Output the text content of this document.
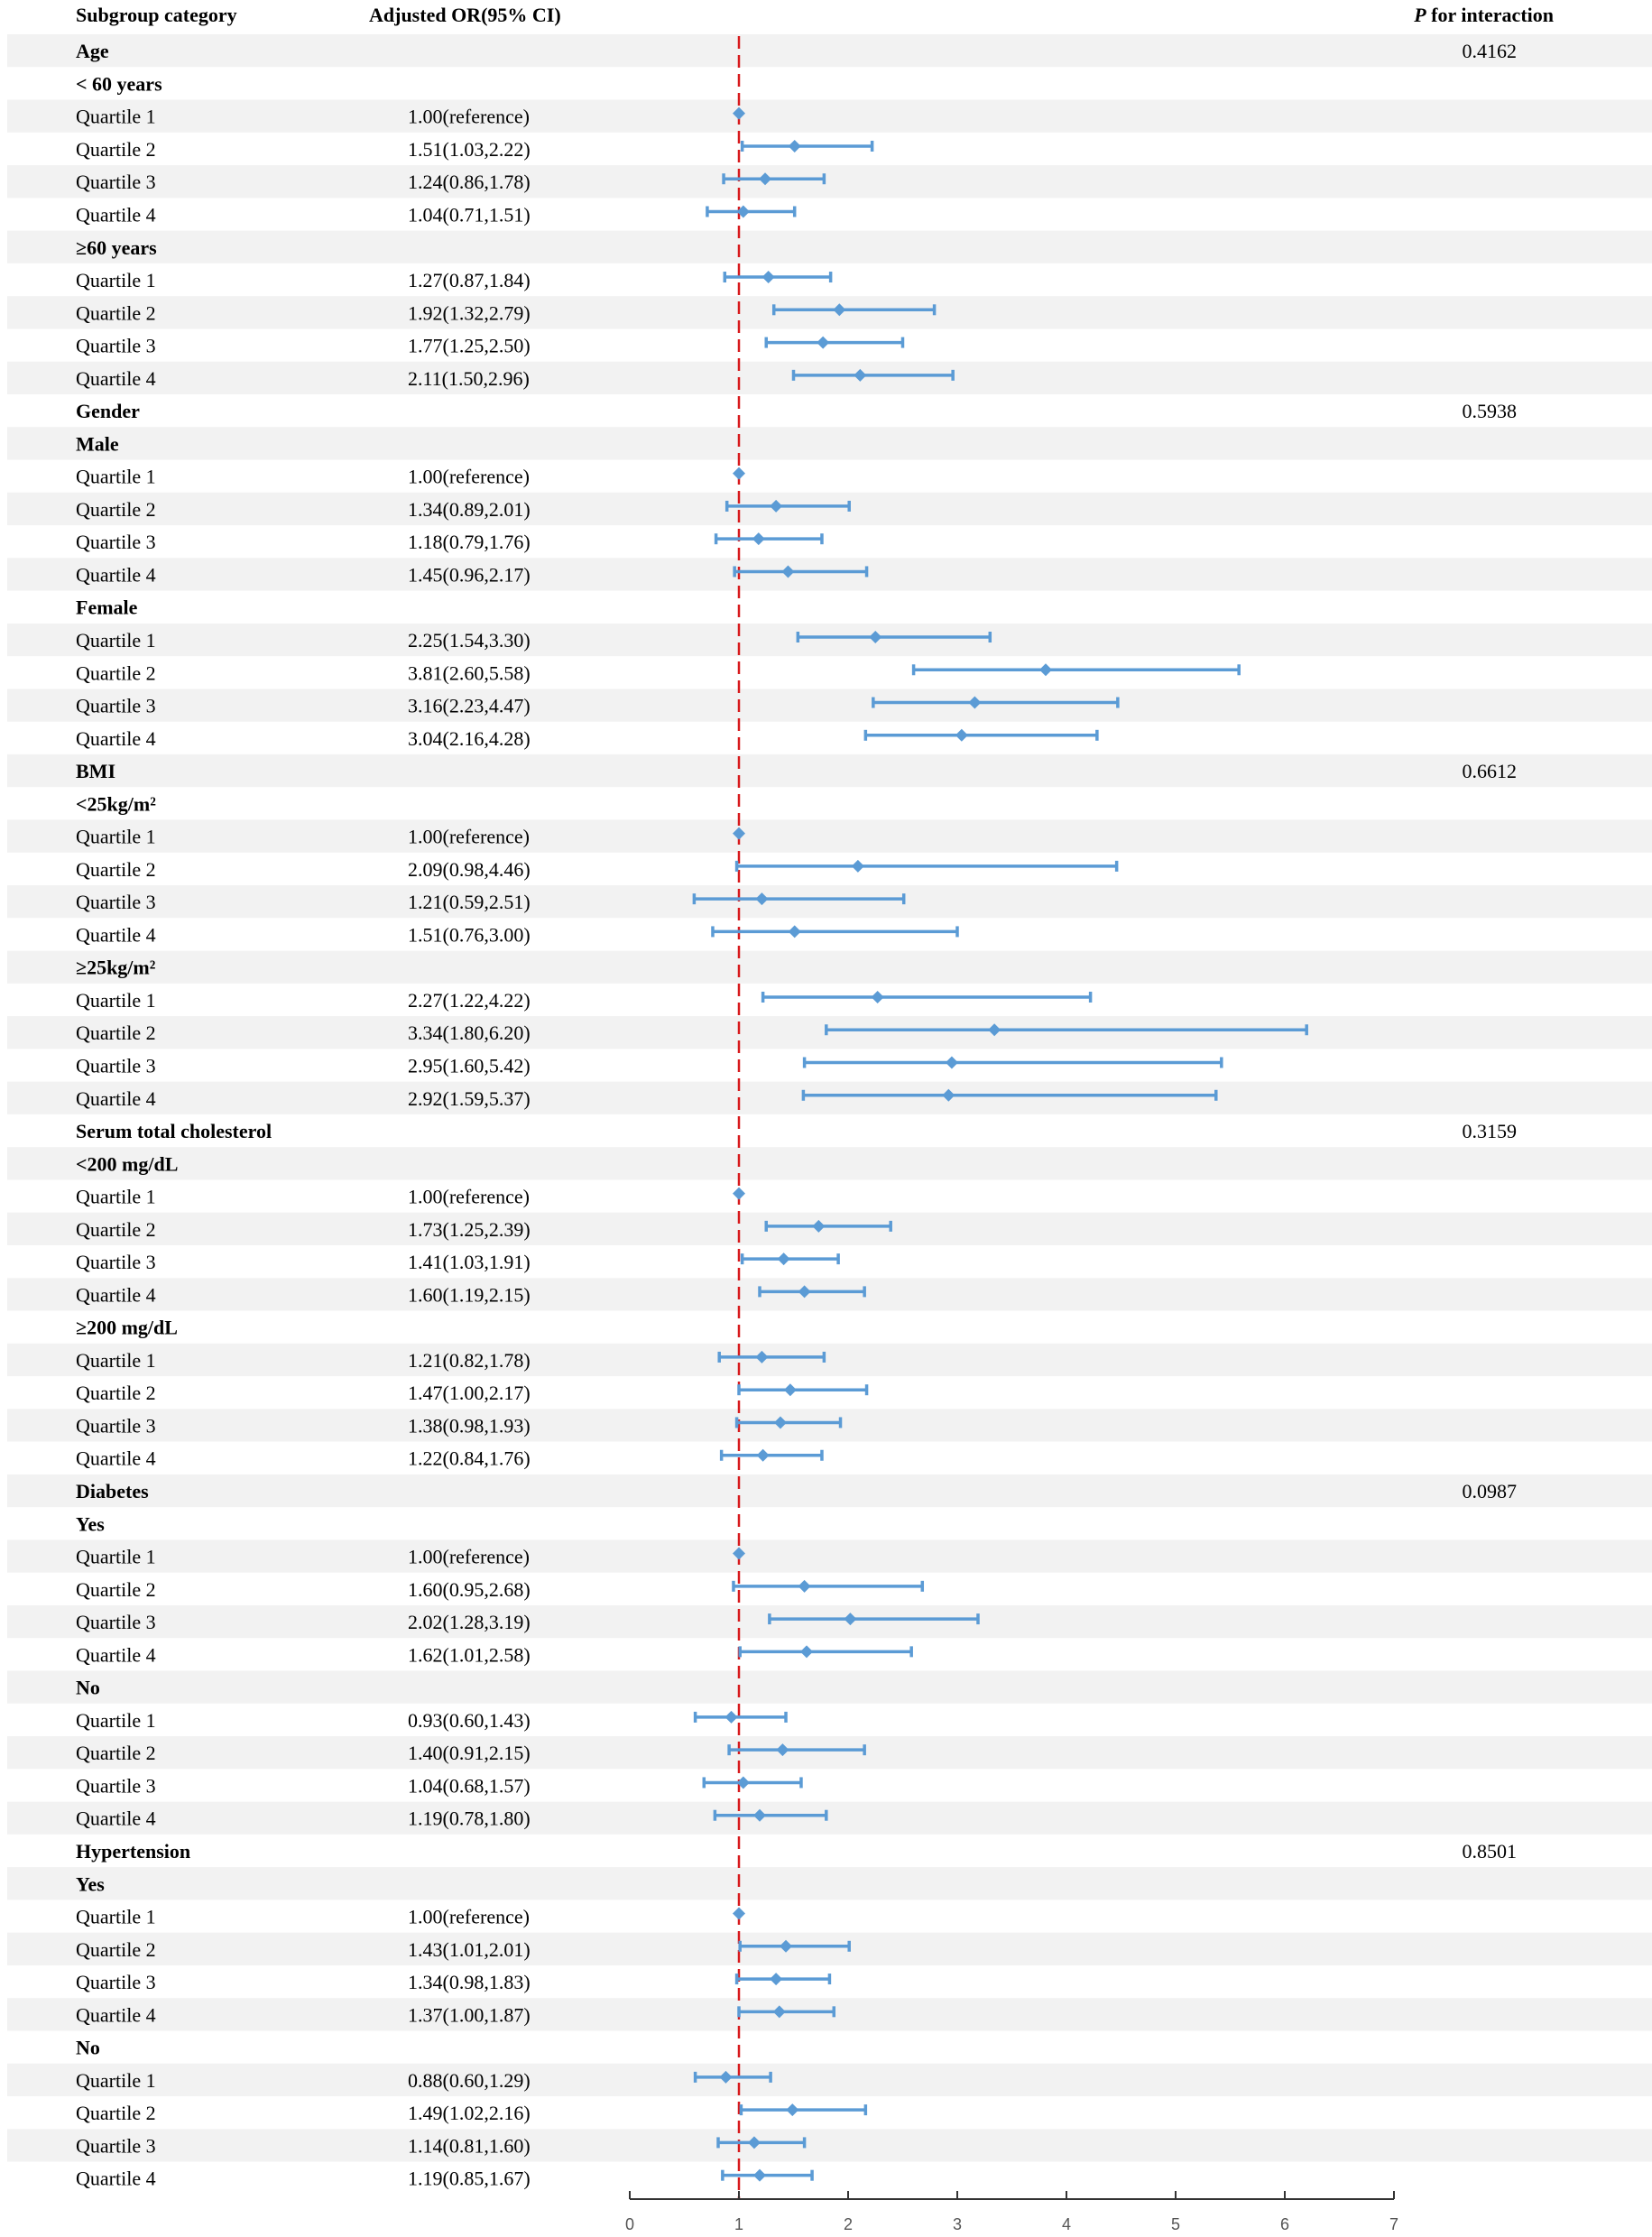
Subgroup category	Adjusted OR(95% CI)	P for interaction
Age	0.4162
< 60 years
Quartile 1	1.00(reference)
Quartile 2	1.51(1.03,2.22)
Quartile 3	1.24(0.86,1.78)
Quartile 4	1.04(0.71,1.51)
≥60 years
Quartile 1	1.27(0.87,1.84)
Quartile 2	1.92(1.32,2.79)
Quartile 3	1.77(1.25,2.50)
Quartile 4	2.11(1.50,2.96)
Gender	0.5938
Male
Quartile 1	1.00(reference)
Quartile 2	1.34(0.89,2.01)
Quartile 3	1.18(0.79,1.76)
Quartile 4	1.45(0.96,2.17)
Female
Quartile 1	2.25(1.54,3.30)
Quartile 2	3.81(2.60,5.58)
Quartile 3	3.16(2.23,4.47)
Quartile 4	3.04(2.16,4.28)
BMI	0.6612
<25kg/m²
Quartile 1	1.00(reference)
Quartile 2	2.09(0.98,4.46)
Quartile 3	1.21(0.59,2.51)
Quartile 4	1.51(0.76,3.00)
≥25kg/m²
Quartile 1	2.27(1.22,4.22)
Quartile 2	3.34(1.80,6.20)
Quartile 3	2.95(1.60,5.42)
Quartile 4	2.92(1.59,5.37)
Serum total cholesterol	0.3159
<200 mg/dL
Quartile 1	1.00(reference)
Quartile 2	1.73(1.25,2.39)
Quartile 3	1.41(1.03,1.91)
Quartile 4	1.60(1.19,2.15)
≥200 mg/dL
Quartile 1	1.21(0.82,1.78)
Quartile 2	1.47(1.00,2.17)
Quartile 3	1.38(0.98,1.93)
Quartile 4	1.22(0.84,1.76)
Diabetes	0.0987
Yes
Quartile 1	1.00(reference)
Quartile 2	1.60(0.95,2.68)
Quartile 3	2.02(1.28,3.19)
Quartile 4	1.62(1.01,2.58)
No
Quartile 1	0.93(0.60,1.43)
Quartile 2	1.40(0.91,2.15)
Quartile 3	1.04(0.68,1.57)
Quartile 4	1.19(0.78,1.80)
Hypertension	0.8501
Yes
Quartile 1	1.00(reference)
Quartile 2	1.43(1.01,2.01)
Quartile 3	1.34(0.98,1.83)
Quartile 4	1.37(1.00,1.87)
No
Quartile 1	0.88(0.60,1.29)
Quartile 2	1.49(1.02,2.16)
Quartile 3	1.14(0.81,1.60)
Quartile 4	1.19(0.85,1.67)
0	1	2	3	4	5	6	7
